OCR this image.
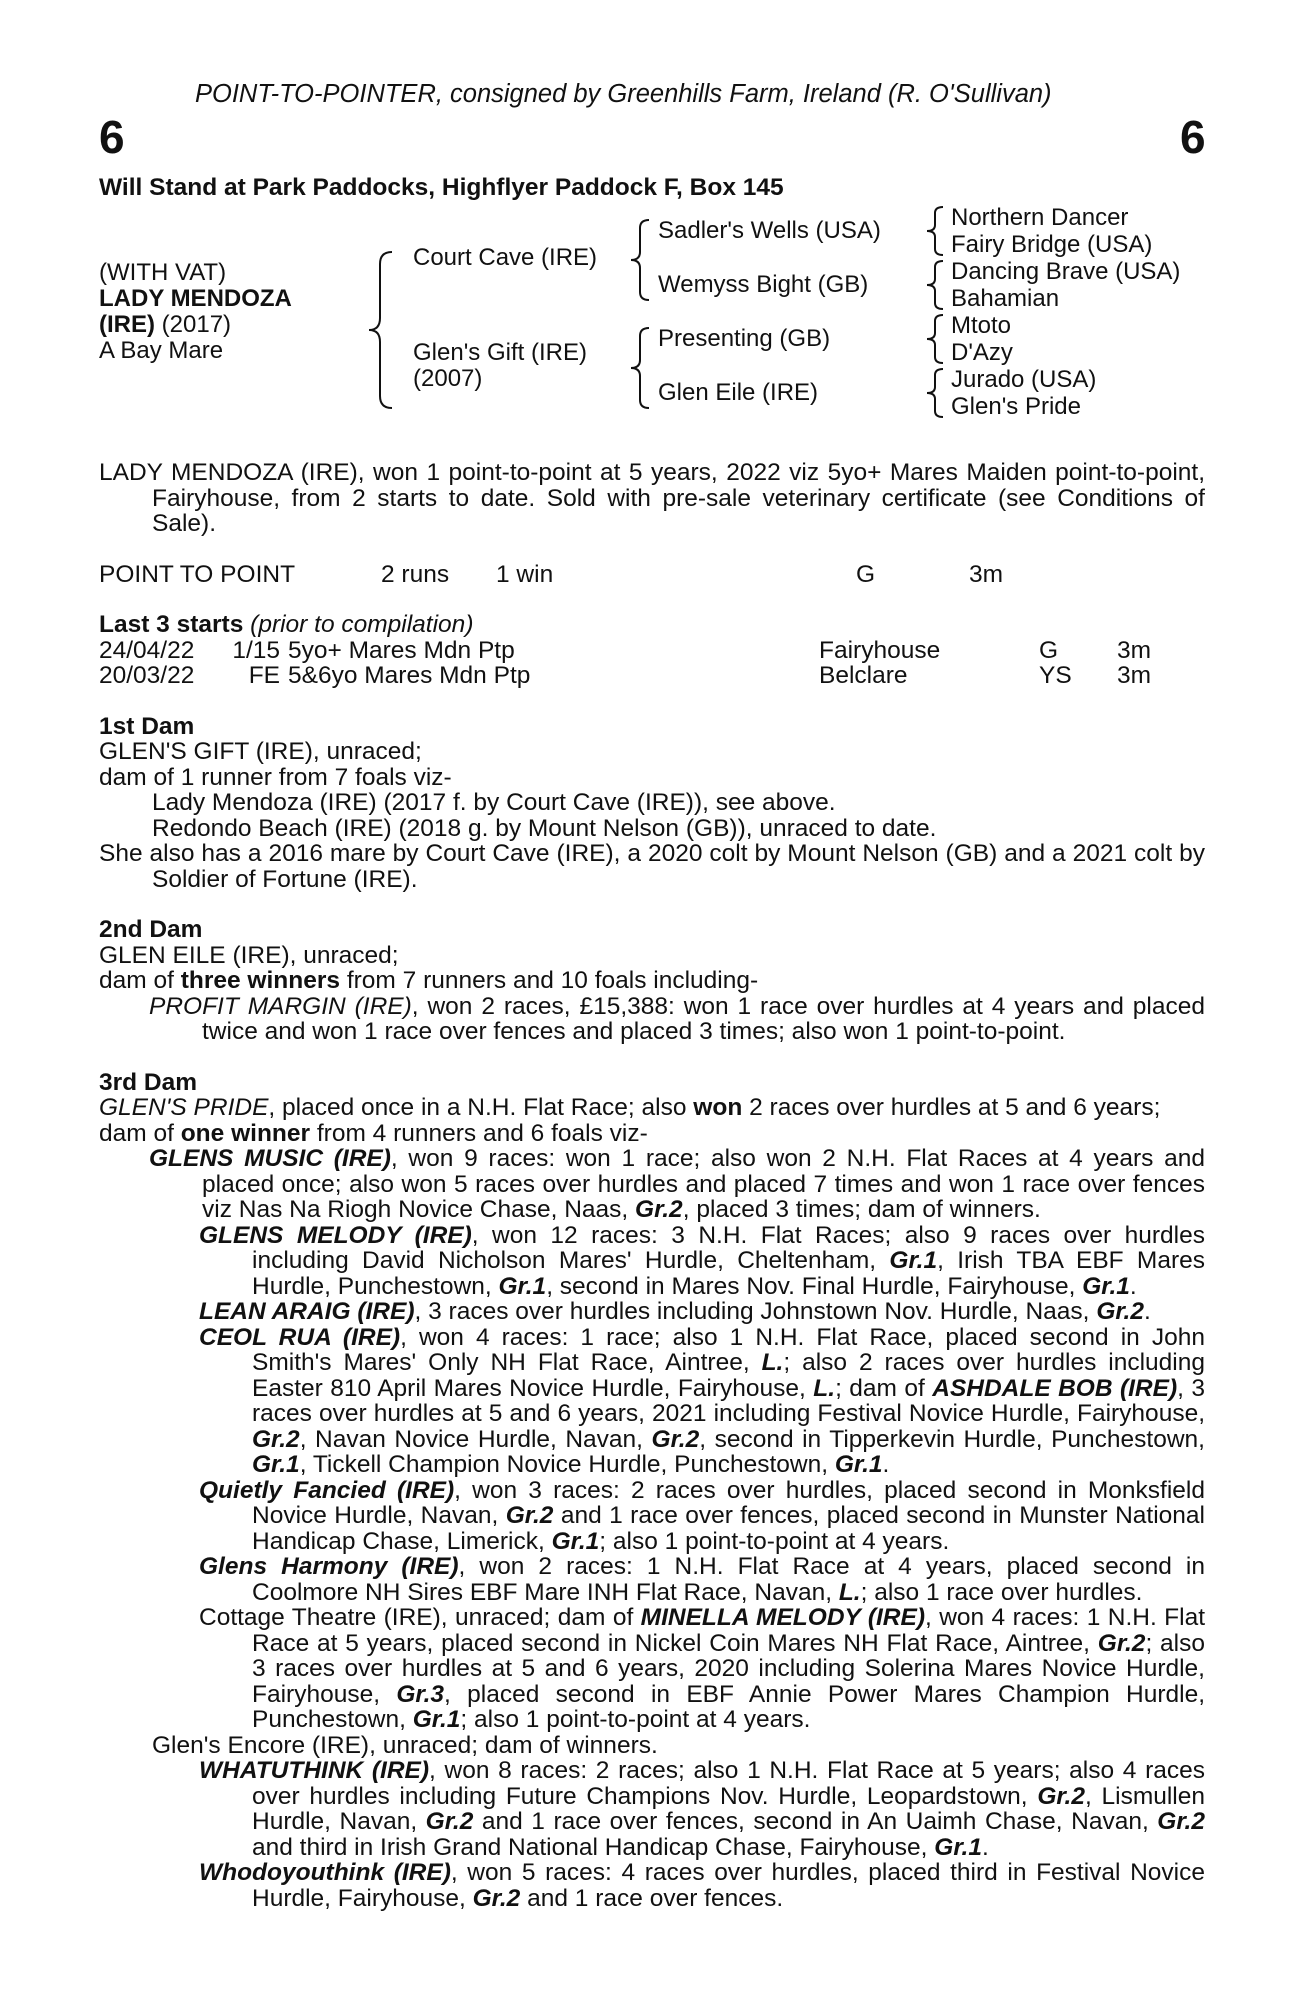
POINT-TO-POINTER, consigned by Greenhills Farm, Ireland (R. O'Sullivan)
6	6
Will Stand at Park Paddocks, Highflyer Paddock F, Box 145
(WITH VAT)
LADY MENDOZA
(IRE) (2017)
A Bay Mare
Court Cave (IRE)
Glen's Gift (IRE)
(2007)
Sadler's Wells (USA)
Wemyss Bight (GB)
Presenting (GB)
Glen Eile (IRE)
Northern Dancer
Fairy Bridge (USA)
Dancing Brave (USA)
Bahamian
Mtoto
D'Azy
Jurado (USA)
Glen's Pride

LADY MENDOZA (IRE), won 1 point-to-point at 5 years, 2022 viz 5yo+ Mares Maiden point-to-point, Fairyhouse, from 2 starts to date. Sold with pre-sale veterinary certificate (see Conditions of Sale).

POINT TO POINT	2 runs	1 win	G	3m
Last 3 starts (prior to compilation)
24/04/22	1/15 5yo+ Mares Mdn Ptp	Fairyhouse	G	3m
20/03/22	FE 5&6yo Mares Mdn Ptp	Belclare	YS	3m
1st Dam

GLEN'S GIFT (IRE), unraced;

dam of 1 runner from 7 foals viz-

Lady Mendoza (IRE) (2017 f. by Court Cave (IRE)), see above.

Redondo Beach (IRE) (2018 g. by Mount Nelson (GB)), unraced to date.

She also has a 2016 mare by Court Cave (IRE), a 2020 colt by Mount Nelson (GB) and a 2021 colt by Soldier of Fortune (IRE).

2nd Dam

GLEN EILE (IRE), unraced;

dam of three winners from 7 runners and 10 foals including-

PROFIT MARGIN (IRE), won 2 races, £15,388: won 1 race over hurdles at 4 years and placed twice and won 1 race over fences and placed 3 times; also won 1 point-to-point.

3rd Dam

GLEN'S PRIDE, placed once in a N.H. Flat Race; also won 2 races over hurdles at 5 and 6 years;

dam of one winner from 4 runners and 6 foals viz-

GLENS MUSIC (IRE), won 9 races: won 1 race; also won 2 N.H. Flat Races at 4 years and placed once; also won 5 races over hurdles and placed 7 times and won 1 race over fences viz Nas Na Riogh Novice Chase, Naas, Gr.2, placed 3 times; dam of winners.

GLENS MELODY (IRE), won 12 races: 3 N.H. Flat Races; also 9 races over hurdles including David Nicholson Mares' Hurdle, Cheltenham, Gr.1, Irish TBA EBF Mares Hurdle, Punchestown, Gr.1, second in Mares Nov. Final Hurdle, Fairyhouse, Gr.1.

LEAN ARAIG (IRE), 3 races over hurdles including Johnstown Nov. Hurdle, Naas, Gr.2.

CEOL RUA (IRE), won 4 races: 1 race; also 1 N.H. Flat Race, placed second in John Smith's Mares' Only NH Flat Race, Aintree, L.; also 2 races over hurdles including Easter 810 April Mares Novice Hurdle, Fairyhouse, L.; dam of ASHDALE BOB (IRE), 3 races over hurdles at 5 and 6 years, 2021 including Festival Novice Hurdle, Fairyhouse, Gr.2, Navan Novice Hurdle, Navan, Gr.2, second in Tipperkevin Hurdle, Punchestown, Gr.1, Tickell Champion Novice Hurdle, Punchestown, Gr.1.

Quietly Fancied (IRE), won 3 races: 2 races over hurdles, placed second in Monksfield Novice Hurdle, Navan, Gr.2 and 1 race over fences, placed second in Munster National Handicap Chase, Limerick, Gr.1; also 1 point-to-point at 4 years.

Glens Harmony (IRE), won 2 races: 1 N.H. Flat Race at 4 years, placed second in Coolmore NH Sires EBF Mare INH Flat Race, Navan, L.; also 1 race over hurdles.

Cottage Theatre (IRE), unraced; dam of MINELLA MELODY (IRE), won 4 races: 1 N.H. Flat Race at 5 years, placed second in Nickel Coin Mares NH Flat Race, Aintree, Gr.2; also 3 races over hurdles at 5 and 6 years, 2020 including Solerina Mares Novice Hurdle, Fairyhouse, Gr.3, placed second in EBF Annie Power Mares Champion Hurdle, Punchestown, Gr.1; also 1 point-to-point at 4 years.

Glen's Encore (IRE), unraced; dam of winners.

WHATUTHINK (IRE), won 8 races: 2 races; also 1 N.H. Flat Race at 5 years; also 4 races over hurdles including Future Champions Nov. Hurdle, Leopardstown, Gr.2, Lismullen Hurdle, Navan, Gr.2 and 1 race over fences, second in An Uaimh Chase, Navan, Gr.2 and third in Irish Grand National Handicap Chase, Fairyhouse, Gr.1.

Whodoyouthink (IRE), won 5 races: 4 races over hurdles, placed third in Festival Novice Hurdle, Fairyhouse, Gr.2 and 1 race over fences.
